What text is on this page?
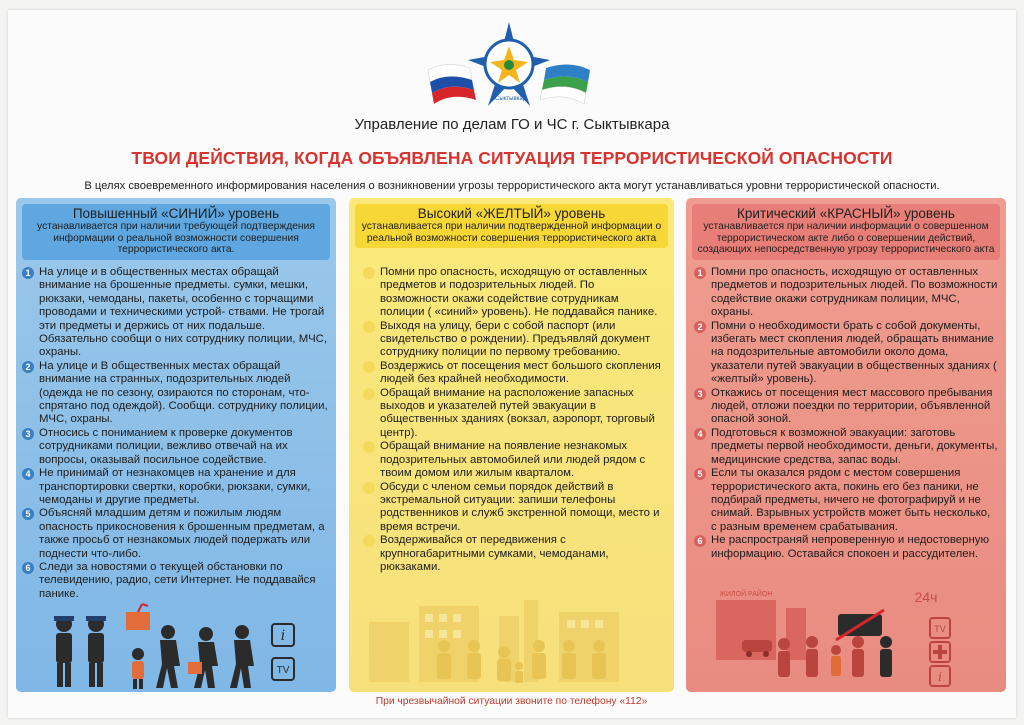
г.Сыктывкар
Управление по делам ГО и ЧС г. Сыктывкара
ТВОИ ДЕЙСТВИЯ, КОГДА ОБЪЯВЛЕНА СИТУАЦИЯ ТЕРРОРИСТИЧЕСКОЙ ОПАСНОСТИ
В целях своевременного информирования населения о возникновении угрозы террористического акта могут устанавливаться уровни террористической опасности.
Повышенный «СИНИЙ» уровень
устанавливается при наличии требующей подтверждения информации о реальной возможности совершения террористического акта.
1 На улице и в общественных местах обращай внимание на брошенные предметы. сумки, мешки, рюкзаки, чемоданы, пакеты, особенно с торчащими проводами и техническими устрой- ствами. Не трогай эти предметы и держись от них подальше. Обязательно сообщи о них сотруднику полиции, МЧС, охраны.
2 На улице и В общественных местах обращай внимание на странных, подозрительных людей (одежда не по сезону, озираются по сторонам, что-спрятано под одеждой). Сообщи. сотруднику полиции, МЧС, охраны.
3 Относись с пониманием к проверке документов сотрудниками полиции, вежливо отвечай на их вопросы, оказывай посильное содействие.
4 Не принимай от незнакомцев на хранение и для транспортировки свертки, коробки, рюкзаки, сумки, чемоданы и другие предметы.
5 Объясняй младшим детям и пожилым людям опасность прикосновения к брошенным предметам, а также просьб от незнакомых людей подержать или поднести что-либо.
6 Следи за новостями о текущей обстановки по телевидению, радио, сети Интернет. Не поддавайся панике.
i
TV
Высокий «ЖЕЛТЫЙ» уровень
устанавливается при наличии подтвержденной информации о реальной возможности совершения террористического акта
1 Помни про опасность, исходящую от оставленных предметов и подозрительных людей. По возможности окажи содействие сотрудникам полиции ( «синий» уровень). Не поддавайся панике.
2 Выходя на улицу, бери с собой паспорт (или свидетельство о рождении). Предъявляй документ сотруднику полиции по первому требованию.
3 Воздержись от посещения мест большого скопления людей без крайней необходимости.
4 Обращай внимание на расположение запасных выходов и указателей путей эвакуации в общественных зданиях (вокзал, аэропорт, торговый центр).
5 Обращай внимание на появление незнакомых подозрительных автомобилей или людей рядом с твоим домом или жилым кварталом.
6 Обсуди с членом семьи порядок действий в экстремальной ситуации: запиши телефоны родственников и служб экстренной помощи, место и время встречи.
7 Воздерживайся от передвижения с крупногабаритными сумками, чемоданами, рюкзаками.
Критический «КРАСНЫЙ» уровень
устанавливается при наличии информации о совершенном террористическом акте либо о совершении действий, создающих непосредственную угрозу террористического акта
1 Помни про опасность, исходящую от оставленных предметов и подозрительных людей. По возможности содействие окажи сотрудникам полиции, МЧС, охраны.
2 Помни о необходимости брать с собой документы, избегать мест скопления людей, обращать внимание на подозрительные автомобили около дома, указатели путей эвакуации в общественных зданиях ( «желтый» уровень).
3 Откажись от посещения мест массового пребывания людей, отложи поездки по территории, объявленной опасной зоной.
4 Подготовься к возможной эвакуации: заготовь предметы первой необходимости, деньги, документы, медицинские средства, запас воды.
5 Если ты оказался рядом с местом совершения террористического акта, покинь его без паники, не подбирай предметы, ничего не фотографируй и не снимай. Взрывных устройств может быть несколько, с разным временем срабатывания.
6 Не распространяй непроверенную и недостоверную информацию. Оставайся спокоен и рассудителен.
ЖИЛОЙ РАЙОН	24ч
TV
i
При чрезвычайной ситуации звоните по телефону «112»
